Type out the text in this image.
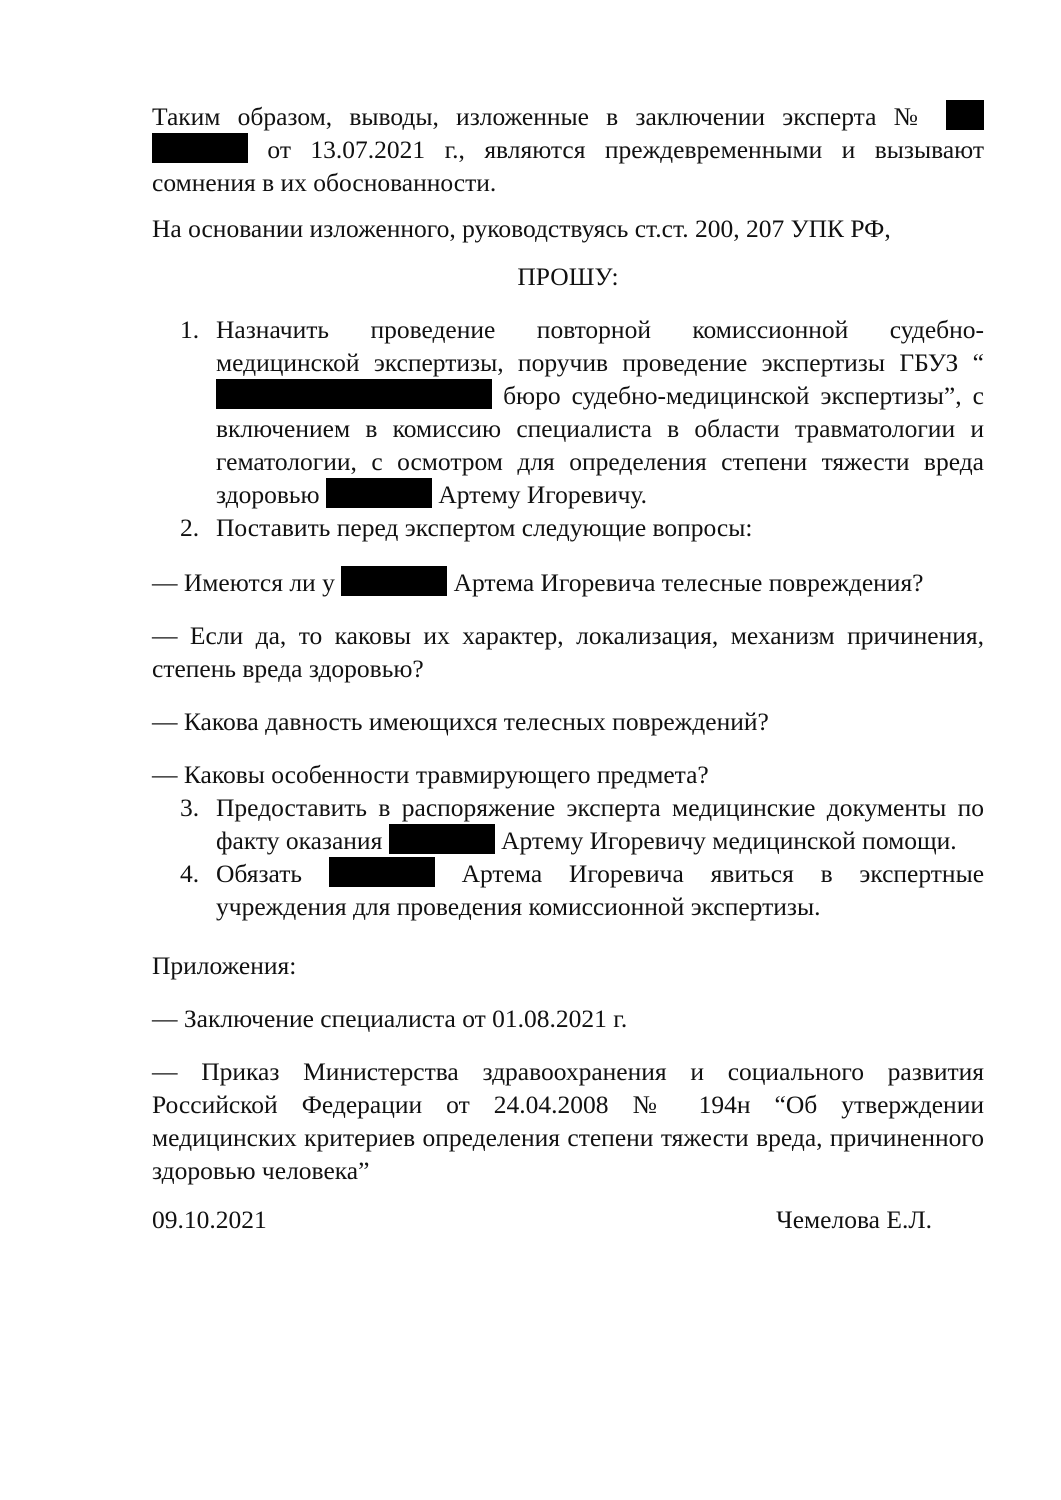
Таким образом, выводы, изложенные в заключении эксперта №   от 13.07.2021 г., являются преждевременными и вызывают сомнения в их обоснованности.

На основании изложенного, руководствуясь ст.ст. 200, 207 УПК РФ,

ПРОШУ:
1. Назначить проведение повторной комиссионной судебно-медицинской экспертизы, поручив проведение экспертизы ГБУЗ “ бюро судебно-медицинской экспертизы”, с включением в комиссию специалиста в области травматологии и гематологии, с осмотром для определения степени тяжести вреда здоровью	Артему Игоревичу.
2. Поставить перед экспертом следующие вопросы:

— Имеются ли у	Артема Игоревича телесные повреждения?

— Если да, то каковы их характер, локализация, механизм причинения, степень вреда здоровью?

— Какова давность имеющихся телесных повреждений?

— Каковы особенности травмирующего предмета?

3. Предоставить в распоряжение эксперта медицинские документы по факту оказания	Артему Игоревичу медицинской помощи.
4. Обязать	Артема Игоревича явиться в экспертные учреждения для проведения комиссионной экспертизы.

Приложения:

— Заключение специалиста от 01.08.2021 г.

— Приказ Министерства здравоохранения и социального развития Российской Федерации от 24.04.2008 № 194н “Об утверждении медицинских критериев определения степени тяжести вреда, причиненного здоровью человека”

09.10.2021	Чемелова Е.Л.
